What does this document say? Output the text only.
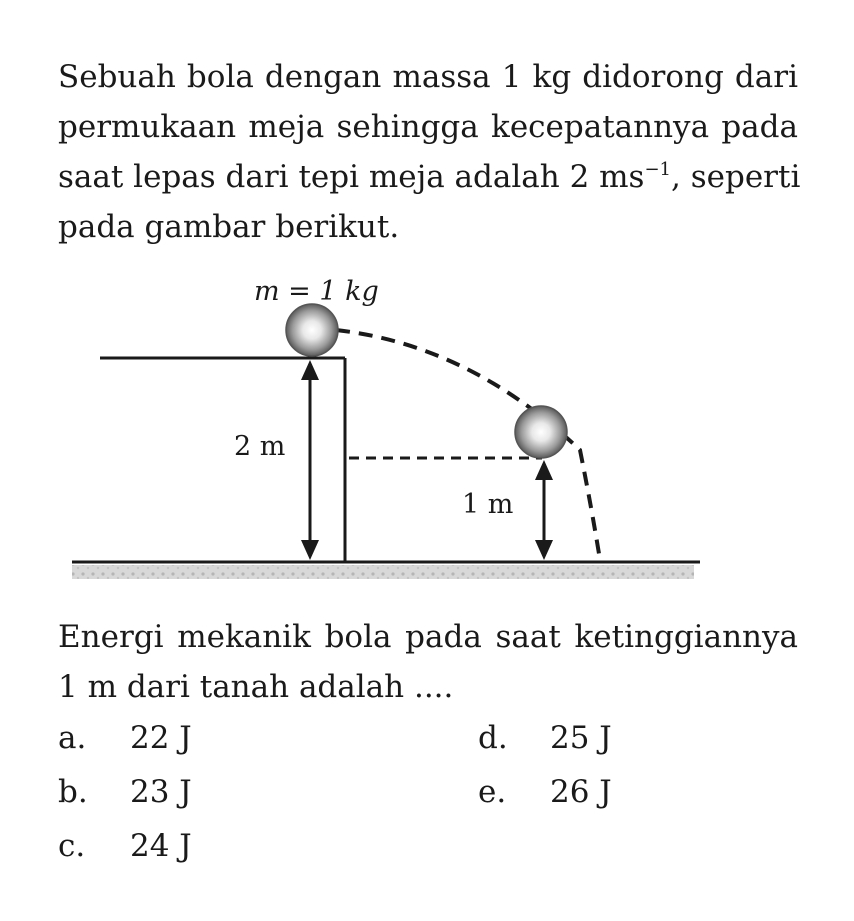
Sebuah bola dengan massa 1 kg didorong dari
permukaan meja sehingga kecepatannya pada
saat lepas dari tepi meja adalah 2 $ms^{-1}$, seperti
pada gambar berikut.
m = 1 kg
2 m
1 m
Energi mekanik bola pada saat ketinggiannya
1 m dari tanah adalah ....
a. 22 J
b. 23 J
c. 24 J
d. 25 J
e. 26 J
